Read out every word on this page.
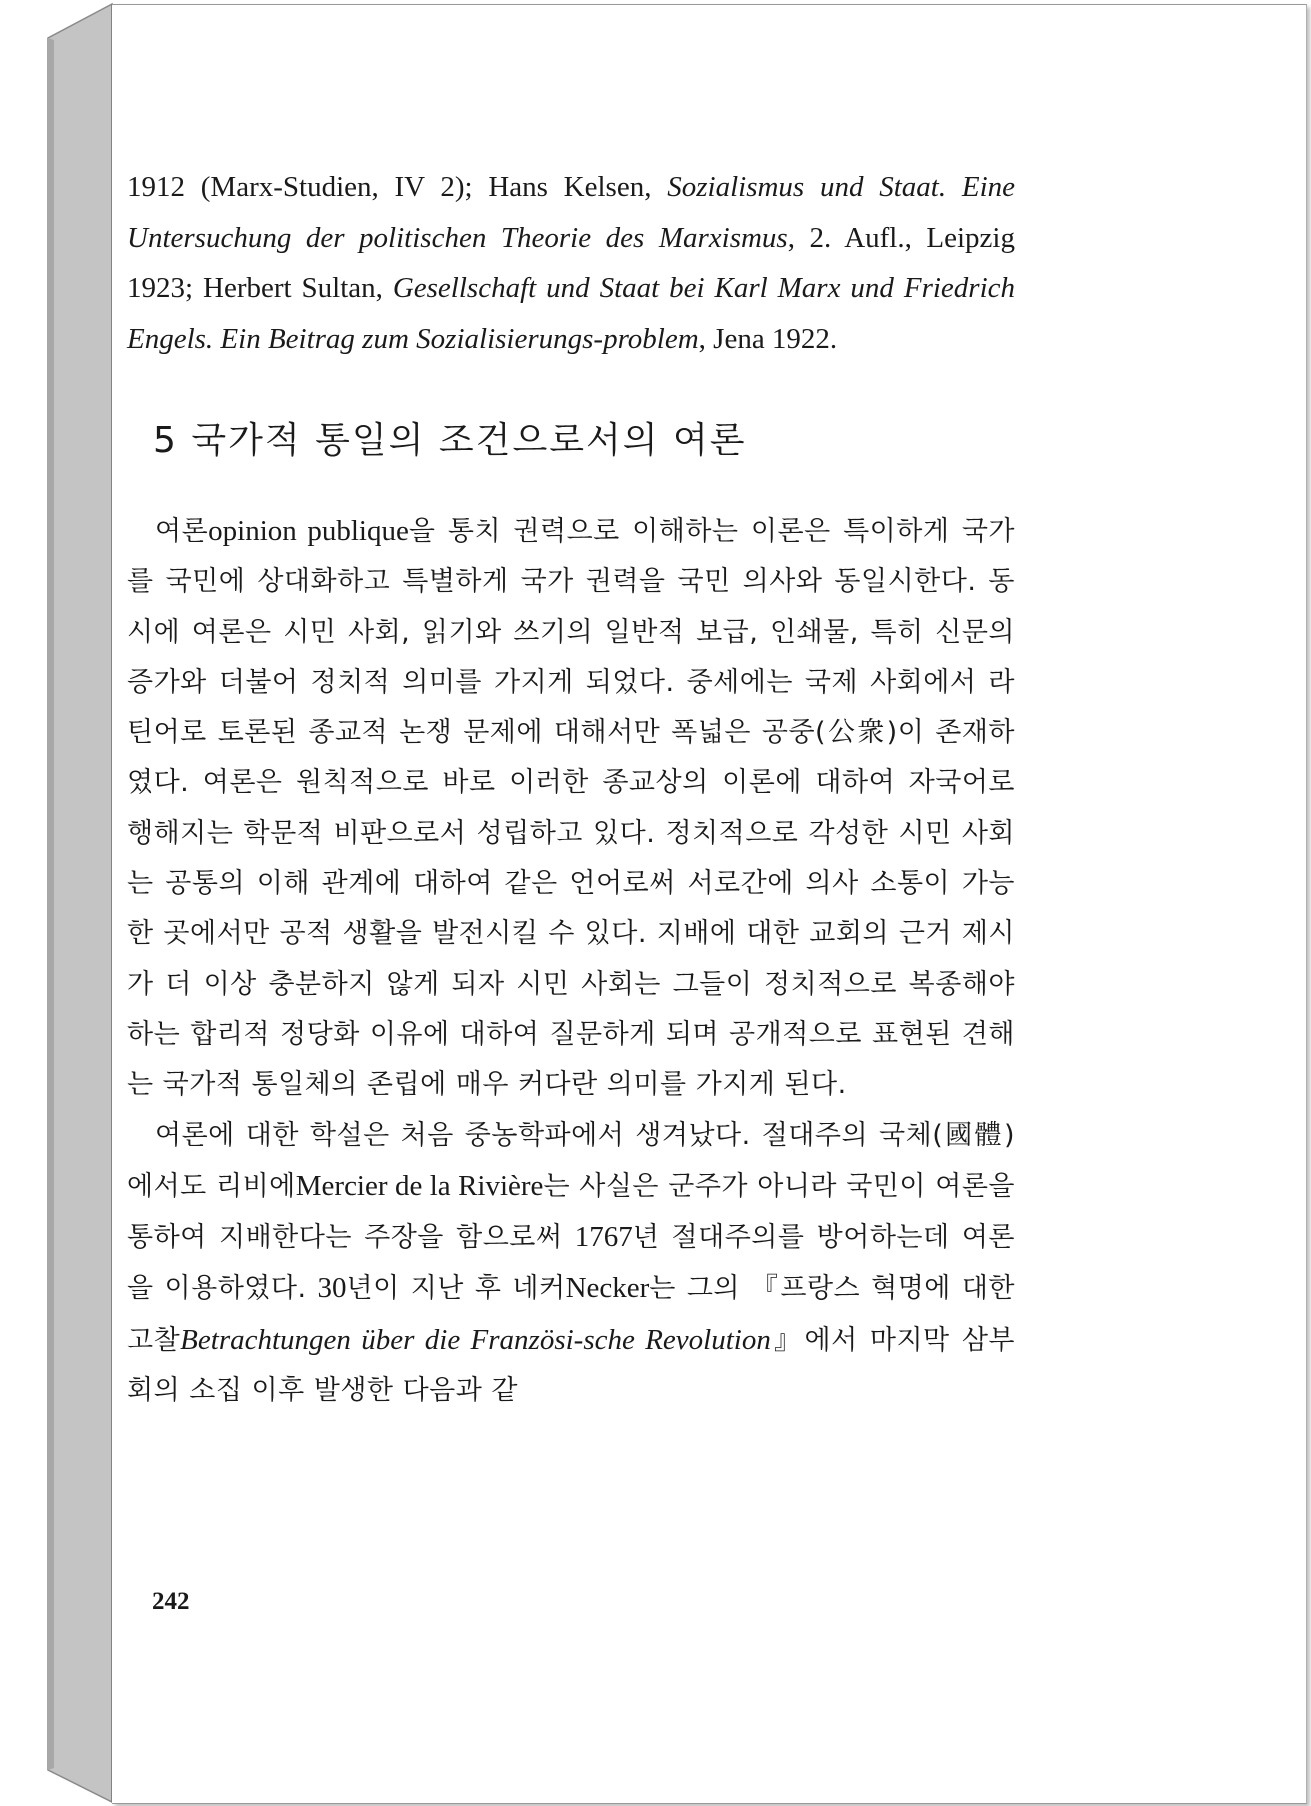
1912 (Marx-Studien, IV 2); Hans Kelsen, Sozialismus und Staat. Eine Untersuchung der politischen Theorie des Marxismus, 2. Aufl., Leipzig 1923; Herbert Sultan, Gesellschaft und Staat bei Karl Marx und Friedrich Engels. Ein Beitrag zum Sozialisierungs-problem, Jena 1922.

5 국가적 통일의 조건으로서의 여론

여론opinion publique을 통치 권력으로 이해하는 이론은 특이하게 국가를 국민에 상대화하고 특별하게 국가 권력을 국민 의사와 동일시한다. 동시에 여론은 시민 사회, 읽기와 쓰기의 일반적 보급, 인쇄물, 특히 신문의 증가와 더불어 정치적 의미를 가지게 되었다. 중세에는 국제 사회에서 라틴어로 토론된 종교적 논쟁 문제에 대해서만 폭넓은 공중(公衆)이 존재하였다. 여론은 원칙적으로 바로 이러한 종교상의 이론에 대하여 자국어로 행해지는 학문적 비판으로서 성립하고 있다. 정치적으로 각성한 시민 사회는 공통의 이해 관계에 대하여 같은 언어로써 서로간에 의사 소통이 가능한 곳에서만 공적 생활을 발전시킬 수 있다. 지배에 대한 교회의 근거 제시가 더 이상 충분하지 않게 되자 시민 사회는 그들이 정치적으로 복종해야 하는 합리적 정당화 이유에 대하여 질문하게 되며 공개적으로 표현된 견해는 국가적 통일체의 존립에 매우 커다란 의미를 가지게 된다.

여론에 대한 학설은 처음 중농학파에서 생겨났다. 절대주의 국체(國體)에서도 리비에Mercier de la Rivière는 사실은 군주가 아니라 국민이 여론을 통하여 지배한다는 주장을 함으로써 1767년 절대주의를 방어하는데 여론을 이용하였다. 30년이 지난 후 네커Necker는 그의 『프랑스 혁명에 대한 고찰Betrachtungen über die Französi-sche Revolution』에서 마지막 삼부회의 소집 이후 발생한 다음과 같

242
